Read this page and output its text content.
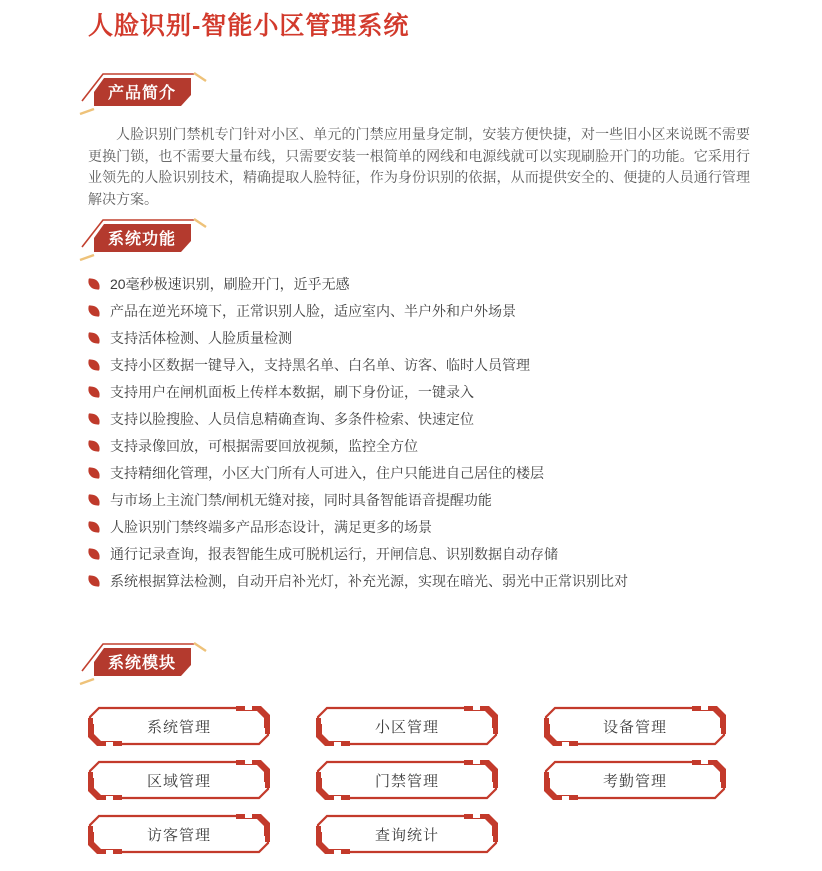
人脸识别-智能小区管理系统
产品简介

人脸识别门禁机专门针对小区、单元的门禁应用量身定制，安装方便快捷，对一些旧小区来说既不需要更换门锁，也不需要大量布线，只需要安装一根简单的网线和电源线就可以实现刷脸开门的功能。它采用行业领先的人脸识别技术，精确提取人脸特征，作为身份识别的依据，从而提供安全的、便捷的人员通行管理解决方案。

系统功能
20毫秒极速识别，刷脸开门，近乎无感
产品在逆光环境下，正常识别人脸，适应室内、半户外和户外场景
支持活体检测、人脸质量检测
支持小区数据一键导入，支持黑名单、白名单、访客、临时人员管理
支持用户在闸机面板上传样本数据，刷下身份证，一键录入
支持以脸搜脸、人员信息精确查询、多条件检索、快速定位
支持录像回放，可根据需要回放视频，监控全方位
支持精细化管理，小区大门所有人可进入，住户只能进自己居住的楼层
与市场上主流门禁/闸机无缝对接，同时具备智能语音提醒功能
人脸识别门禁终端多产品形态设计，满足更多的场景
通行记录查询，报表智能生成可脱机运行，开闸信息、识别数据自动存储
系统根据算法检测，自动开启补光灯，补充光源，实现在暗光、弱光中正常识别比对
系统模块
系统管理	小区管理	设备管理
区域管理	门禁管理	考勤管理
访客管理	查询统计
